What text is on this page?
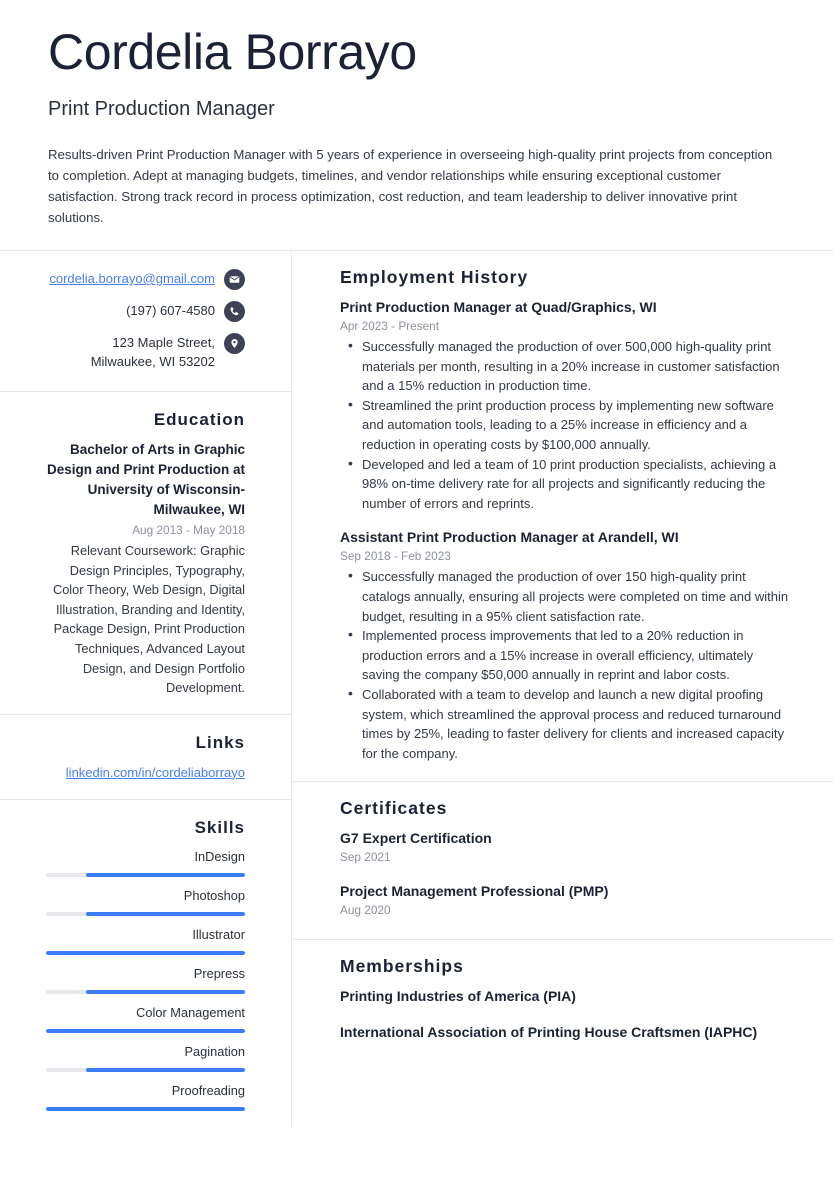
Cordelia Borrayo
Print Production Manager

Results-driven Print Production Manager with 5 years of experience in overseeing high-quality print projects from conception to completion. Adept at managing budgets, timelines, and vendor relationships while ensuring exceptional customer satisfaction. Strong track record in process optimization, cost reduction, and team leadership to deliver innovative print solutions.

cordelia.borrayo@gmail.com
(197) 607-4580
123 Maple Street, Milwaukee, WI 53202
Education
Bachelor of Arts in Graphic Design and Print Production at University of Wisconsin-Milwaukee, WI
Aug 2013 - May 2018
Relevant Coursework: Graphic Design Principles, Typography, Color Theory, Web Design, Digital Illustration, Branding and Identity, Package Design, Print Production Techniques, Advanced Layout Design, and Design Portfolio Development.
Links
linkedin.com/in/cordeliaborrayo
Skills
InDesign
Photoshop
Illustrator
Prepress
Color Management
Pagination
Proofreading
Employment History
Print Production Manager at Quad/Graphics, WI
Apr 2023 - Present
• Successfully managed the production of over 500,000 high-quality print materials per month, resulting in a 20% increase in customer satisfaction and a 15% reduction in production time.
• Streamlined the print production process by implementing new software and automation tools, leading to a 25% increase in efficiency and a reduction in operating costs by $100,000 annually.
• Developed and led a team of 10 print production specialists, achieving a 98% on-time delivery rate for all projects and significantly reducing the number of errors and reprints.
Assistant Print Production Manager at Arandell, WI
Sep 2018 - Feb 2023
• Successfully managed the production of over 150 high-quality print catalogs annually, ensuring all projects were completed on time and within budget, resulting in a 95% client satisfaction rate.
• Implemented process improvements that led to a 20% reduction in production errors and a 15% increase in overall efficiency, ultimately saving the company $50,000 annually in reprint and labor costs.
• Collaborated with a team to develop and launch a new digital proofing system, which streamlined the approval process and reduced turnaround times by 25%, leading to faster delivery for clients and increased capacity for the company.
Certificates
G7 Expert Certification
Sep 2021
Project Management Professional (PMP)
Aug 2020
Memberships
Printing Industries of America (PIA)
International Association of Printing House Craftsmen (IAPHC)
